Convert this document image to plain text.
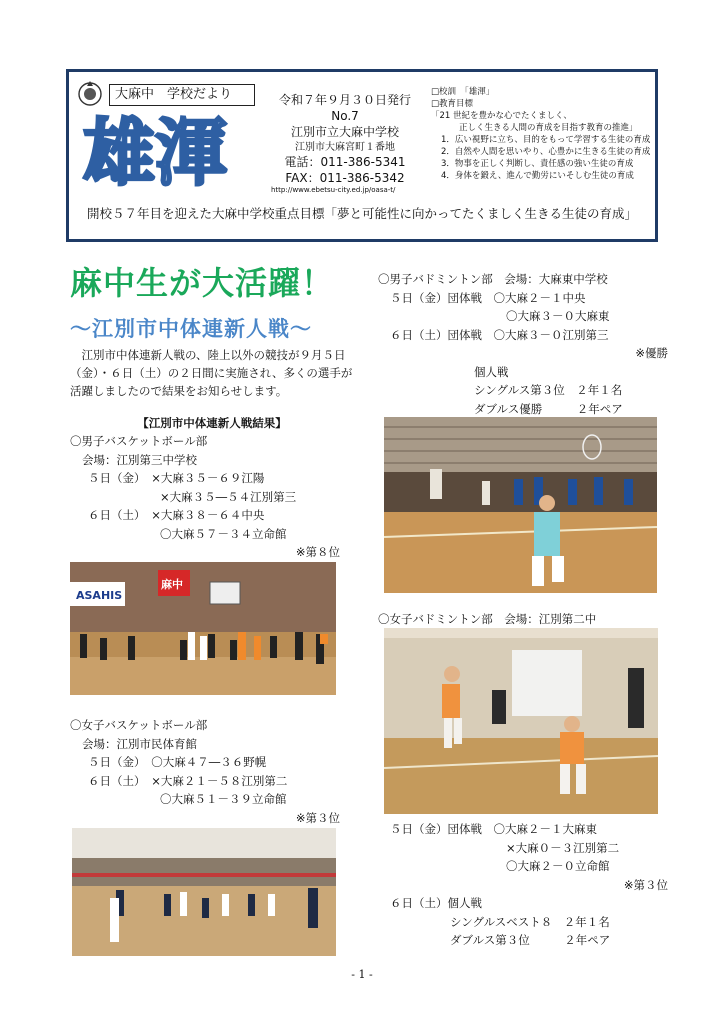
大麻中　学校だより
雄渾
令和７年９月３０日発行
No.7
江別市立大麻中学校
江別市大麻宮町１番地
電話：011-386-5341
FAX：011-386-5342
http://www.ebetsu-city.ed.jp/oasa-t/
□校訓　「雄渾」
□教育目標
「21 世紀を豊かな心でたくましく、
正しく生きる人間の育成を目指す教育の推進」
1．広い視野に立ち、目的をもって学習する生徒の育成
2．自然や人間を思いやり、心豊かに生きる生徒の育成
3．物事を正しく判断し、責任感の強い生徒の育成
4．身体を鍛え、進んで勤労にいそしむ生徒の育成
開校５７年目を迎えた大麻中学校重点目標「夢と可能性に向かってたくましく生きる生徒の育成」
麻中生が大活躍！
～江別市中体連新人戦～
　江別市中体連新人戦の、陸上以外の競技が９月５日（金）・６日（土）の２日間に実施され、多くの選手が活躍しましたので結果をお知らせします。
【江別市中体連新人戦結果】
〇男子バスケットボール部
会場：江別第三中学校
５日（金）　×大麻３５－６９江陽
×大麻３５―５４江別第三
６日（土）　×大麻３８－６４中央
〇大麻５７－３４立命館
※第８位
ASAHIS
麻中
〇女子バスケットボール部
会場：江別市民体育館
５日（金）　〇大麻４７―３６野幌
６日（土）　×大麻２１－５８江別第二
〇大麻５１－３９立命館
※第３位
〇男子バドミントン部　会場：大麻東中学校
５日（金）団体戦　〇大麻２－１中央
〇大麻３－０大麻東
６日（土）団体戦　〇大麻３－０江別第三
※優勝
個人戦
シングルス第３位　２年１名
ダブルス優勝　　　２年ペア
〇女子バドミントン部　会場：江別第二中
５日（金）団体戦　〇大麻２－１大麻東
×大麻０－３江別第二
〇大麻２－０立命館
※第３位
６日（土）個人戦
シングルスベスト８　２年１名
ダブルス第３位　　　２年ペア
- 1 -
